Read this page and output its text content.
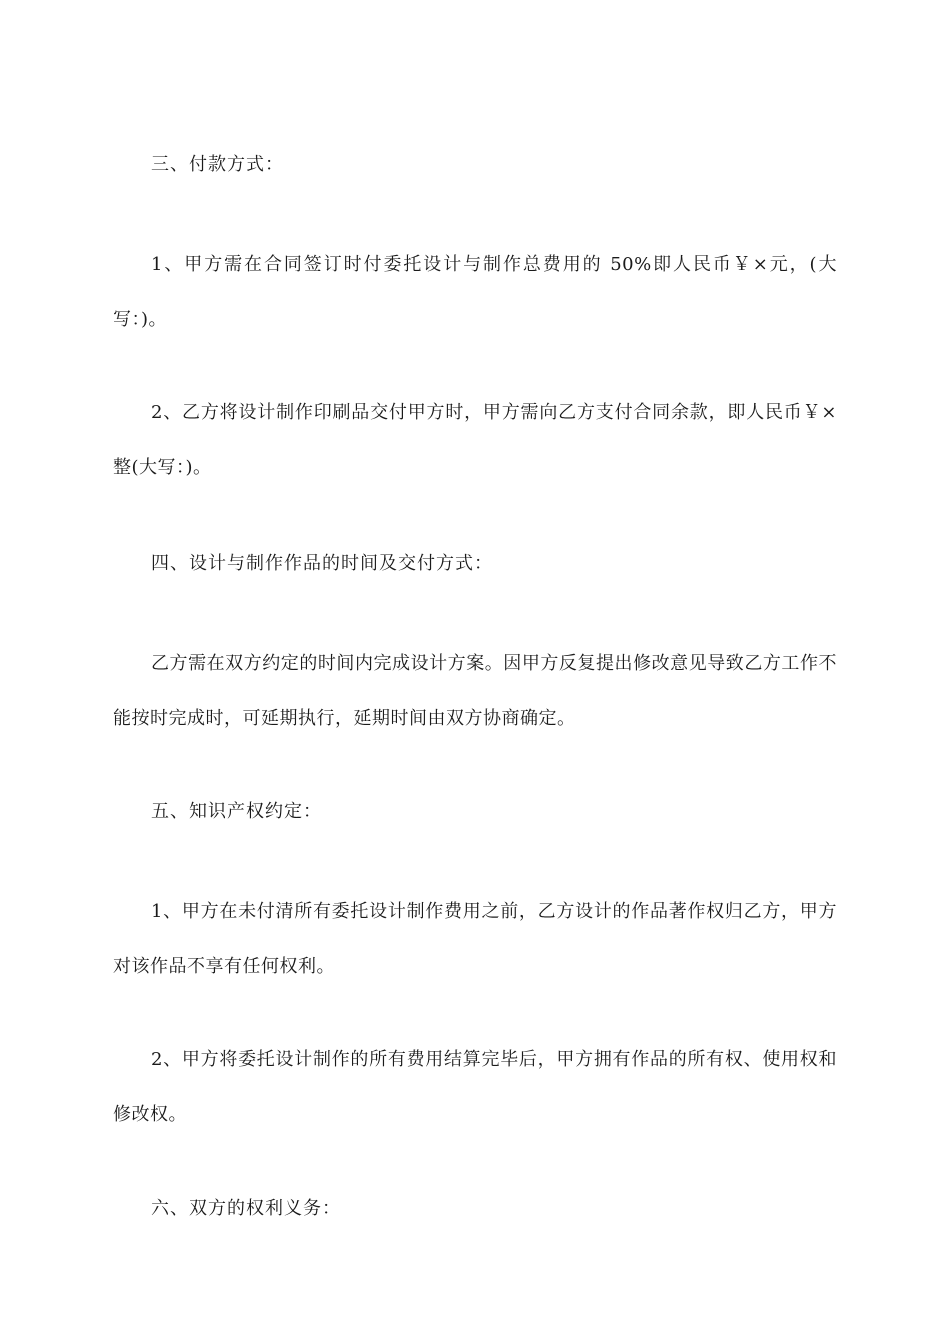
三、付款方式：

1、甲方需在合同签订时付委托设计与制作总费用的 50%即人民币￥×元，(大写：)。

2、乙方将设计制作印刷品交付甲方时，甲方需向乙方支付合同余款，即人民币￥×整(大写：)。

四、设计与制作作品的时间及交付方式：

乙方需在双方约定的时间内完成设计方案。因甲方反复提出修改意见导致乙方工作不能按时完成时，可延期执行，延期时间由双方协商确定。

五、知识产权约定：

1、甲方在未付清所有委托设计制作费用之前，乙方设计的作品著作权归乙方，甲方对该作品不享有任何权利。

2、甲方将委托设计制作的所有费用结算完毕后，甲方拥有作品的所有权、使用权和修改权。

六、双方的权利义务：
